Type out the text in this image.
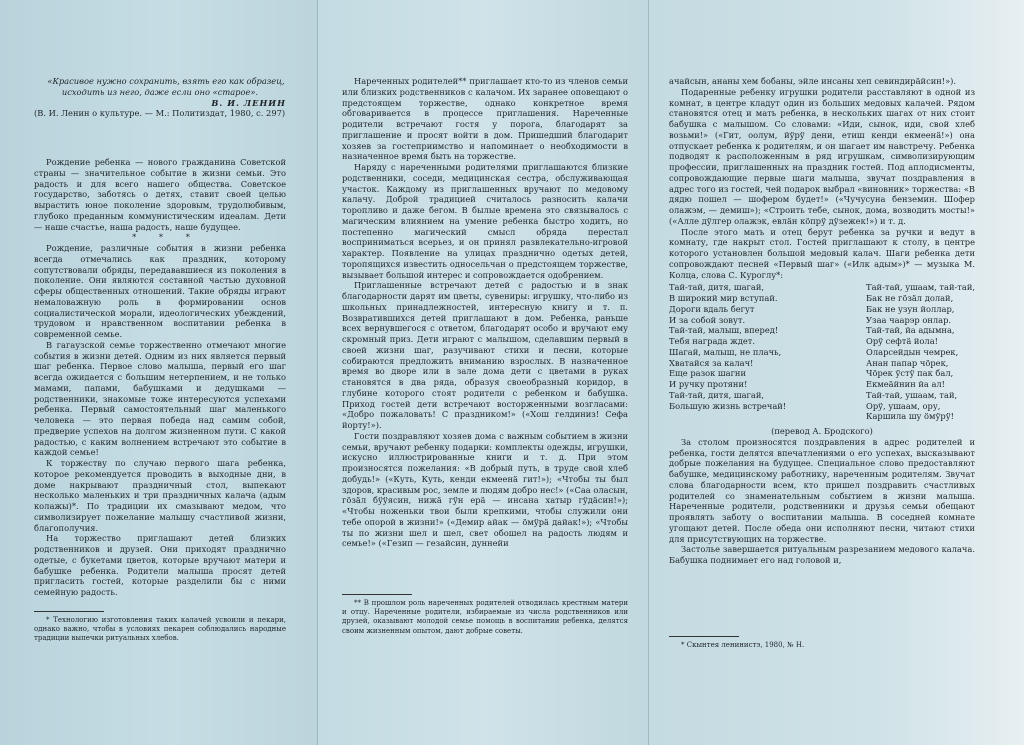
«Красивое нужно сохранить, взять его как образец, исходить из него, даже если оно «старое».

В. И. ЛЕНИН

(В. И. Ленин о культуре. — М.: Политиздат, 1980, с. 297)

Рождение ребенка — нового гражданина Советской страны — значительное событие в жизни семьи. Это радость и для всего нашего общества. Советское государство, заботясь о детях, ставит своей целью вырастить юное поколение здоровым, трудолюбивым, глубоко преданным коммунистическим идеалам. Дети — наше счастье, наша радость, наше будущее.

* * *

Рождение, различные события в жизни ребенка всегда отмечались как праздник, которому сопутствовали обряды, передававшиеся из поколения в поколение. Они являются составной частью духовной сферы общественных отношений. Такие обряды играют немаловажную роль в формировании основ социалистической морали, идеологических убеждений, трудовом и нравственном воспитании ребенка в современной семье.

В гагаузской семье торжественно отмечают многие события в жизни детей. Одним из них является первый шаг ребенка. Первое слово малыша, первый его шаг всегда ожидается с большим нетерпением, и не только мамами, папами, бабушками и дедушками — родственники, знакомые тоже интересуются успехами ребенка. Первый самостоятельный шаг маленького человека — это первая победа над самим собой, предверие успехов на долгом жизненном пути. С какой радостью, с каким волнением встречают это событие в каждой семье!

К торжеству по случаю первого шага ребенка, которое рекомендуется проводить в выходные дни, в доме накрывают праздничный стол, выпекают несколько маленьких и три праздничных калача (адым колажы)*. По традиции их смазывают медом, что символизирует пожелание малышу счастливой жизни, благополучия.

На торжество приглашают детей близких родственников и друзей. Они приходят празднично одетые, с букетами цветов, которые вручают матери и бабушке ребенка. Родители малыша просят детей пригласить гостей, которые разделили бы с ними семейную радость.

* Технологию изготовления таких калачей усвоили и пекари, однако важно, чтобы в условиях пекарен соблюдались народные традиции выпечки ритуальных хлебов.

Нареченных родителей** приглашает кто-то из членов семьи или близких родственников с калачом. Их заранее оповещают о предстоящем торжестве, однако конкретное время обговаривается в процессе приглашения. Нареченные родители встречают гостя у порога, благодарят за приглашение и просят войти в дом. Пришедший благодарит хозяев за гостеприимство и напоминает о необходимости в назначенное время быть на торжестве.

Наряду с нареченными родителями приглашаются близкие родственники, соседи, медицинская сестра, обслуживающая участок. Каждому из приглашенных вручают по медовому калачу. Доброй традицией считалось разносить калачи торопливо и даже бегом. В былые времена это связывалось с магическим влиянием на умение ребенка быстро ходить, но постепенно магический смысл обряда перестал восприниматься всерьез, и он принял развлекательно-игровой характер. Появление на улицах празднично одетых детей, торопящихся известить односельчан о предстоящем торжестве, вызывает большой интерес и сопровождается одобрением.

Приглашенные встречают детей с радостью и в знак благодарности дарят им цветы, сувениры: игрушку, что-либо из школьных принадлежностей, интересную книгу и т. п. Возвратившихся детей приглашают в дом. Ребенка, раньше всех вернувшегося с ответом, благодарят особо и вручают ему скромный приз. Дети играют с малышом, сделавшим первый в своей жизни шаг, разучивают стихи и песни, которые собираются предложить вниманию взрослых. В назначенное время во дворе или в зале дома дети с цветами в руках становятся в два ряда, образуя своеобразный коридор, в глубине которого стоят родители с ребенком и бабушка. Приход гостей дети встречают восторженными возгласами: «Добро пожаловать! С праздником!» («Хош гелдиниз! Сефа йорту!»).

Гости поздравляют хозяев дома с важным событием в жизни семьи, вручают ребенку подарки: комплекты одежды, игрушки, искусно иллюстрированные книги и т. д. При этом произносятся пожелания: «В добрый путь, в труде свой хлеб добудь!» («Куть, Куть, кенди екмеенӓ гит!»); «Чтобы ты был здоров, красивым рос, земле и людям добро нес!» («Саа оласын, гӧзӓл бӱӱясин, нижӓ гӱн ерӓ — инсана хатыр гӱдӓсин!»); «Чтобы ноженьки твои были крепкими, чтобы служили они тебе опорой в жизни!» («Демир айак — ӧмӱрӓ дайак!»); «Чтобы ты по жизни шел и шел, свет обошел на радость людям и семье!» («Гезип — гезайсин, дуннейи

** В прошлом роль нареченных родителей отводилась крестным матери и отцу. Нареченные родители, избираемые из числа родственников или друзей, оказывают молодой семье помощь в воспитании ребенка, делятся своим жизненным опытом, дают добрые советы.

ачайсын, ананы хем бобаны, эйле инсаны хеп севиндирӓйсин!»).

Подаренные ребенку игрушки родители расставляют в одной из комнат, в центре кладут один из больших медовых калачей. Рядом становятся отец и мать ребенка, в нескольких шагах от них стоит бабушка с малышом. Со словами: «Иди, сынок, иди, свой хлеб возьми!» («Гит, оолум, йӱрӱ дени, етиш кенди екмеенӓ!») она отпускает ребенка к родителям, и он шагает им навстречу. Ребенка подводят к расположенным в ряд игрушкам, символизирующим профессии, приглашенных на праздник гостей. Под аплодисменты, сопровождающие первые шаги малыша, звучат поздравления в адрес того из гостей, чей подарок выбрал «виновник» торжества: «В дядю пошел — шофером будет!» («Чучусуна бенземин. Шофер олажэм, — демиш»); «Строить тебе, сынок, дома, возводить мосты!» («Алле дӱлгер олажэк, евлӓн кӧпрӱ дӱзежек!») и т. д.

После этого мать и отец берут ребенка за ручки и ведут в комнату, где накрыт стол. Гостей приглашают к столу, в центре которого установлен большой медовый калач. Шаги ребенка дети сопровождают песней «Первый шаг» («Илк адым»)* — музыка М. Колца, слова С. Куроглу*:

Тай-тай, дитя, шагай,
В широкий мир вступай.
Дороги вдаль бегут
И за собой зовут.
Тай-тай, малыш, вперед!
Тебя награда ждет.
Шагай, малыш, не плачь,
Хватайся за калач!
Еще разок шагни
И ручку протяни!
Тай-тай, дитя, шагай,
Большую жизнь встречай!
Тай-тай, ушаам, тай-тай,
Бак не гӧзӓл долай,
Бак не узун йоллар,
Узаа чаарэр онлар.
Тай-тай, йа адымна,
Орӱ сефтӓ йола!
Оларсейдын чемрек,
Анан папар чӧрек,
Чӧрек ӱстӱ пак бал,
Екмеӓйнин йа ал!
Тай-тай, ушаам, тай,
Орӱ, ушаам, ору,
Каршила шу ӧмӱрӱ!

(перевод А. Бродского)

За столом произносятся поздравления в адрес родителей и ребенка, гости делятся впечатлениями о его успехах, высказывают добрые пожелания на будущее. Специальное слово предоставляют бабушке, медицинскому работнику, нареченным родителям. Звучат слова благодарности всем, кто пришел поздравить счастливых родителей со знаменательным событием в жизни малыша. Нареченные родители, родственники и друзья семьи обещают проявлять заботу о воспитании малыша. В соседней комнате угощают детей. После обеда они исполняют песни, читают стихи для присутствующих на торжестве.

Застолье завершается ритуальным разрезанием медового калача. Бабушка поднимает его над головой и,

* Скынтея ленинистэ, 1980, № Н.
